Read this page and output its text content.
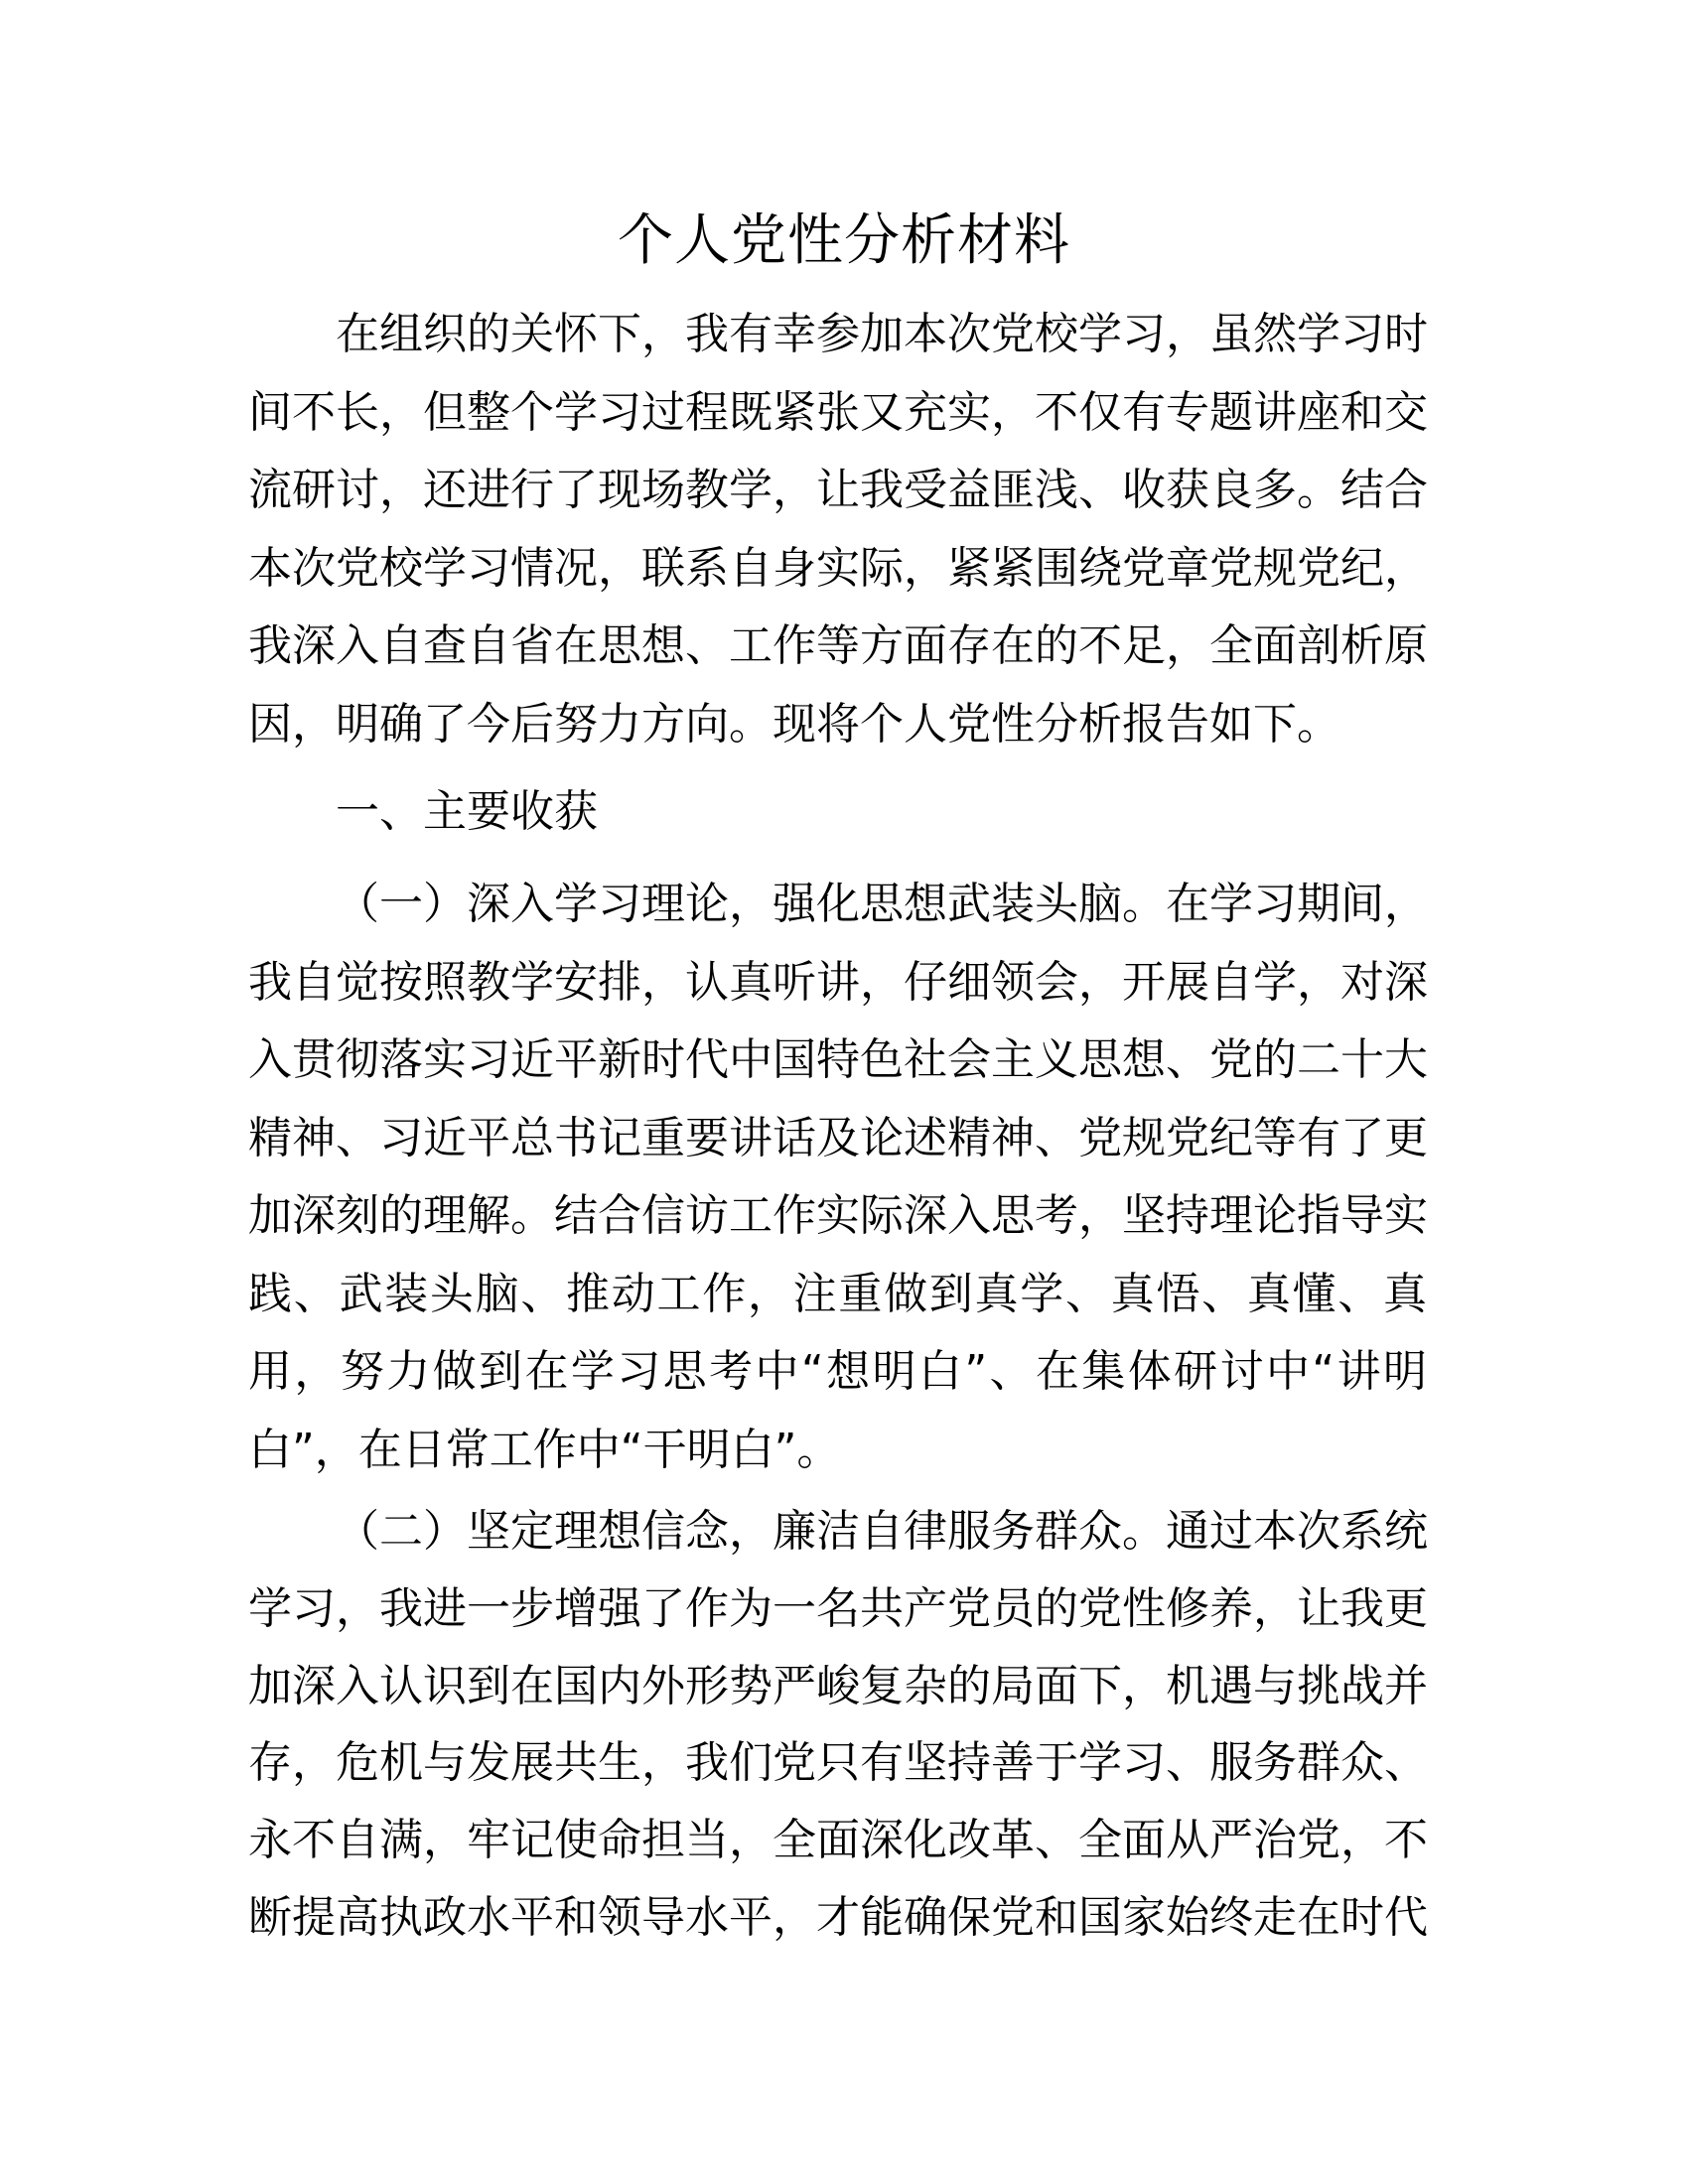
个人党性分析材料
一、主要收获
在组织的关怀下，我有幸参加本次党校学习，虽然学习时
间不长，但整个学习过程既紧张又充实，不仅有专题讲座和交
流研讨，还进行了现场教学，让我受益匪浅、收获良多。结合
本次党校学习情况，联系自身实际，紧紧围绕党章党规党纪，
我深入自查自省在思想、工作等方面存在的不足，全面剖析原
因，明确了今后努力方向。现将个人党性分析报告如下。
（一）深入学习理论，强化思想武装头脑。在学习期间，
我自觉按照教学安排，认真听讲，仔细领会，开展自学，对深
入贯彻落实习近平新时代中国特色社会主义思想、党的二十大
精神、习近平总书记重要讲话及论述精神、党规党纪等有了更
加深刻的理解。结合信访工作实际深入思考，坚持理论指导实
践、武装头脑、推动工作，注重做到真学、真悟、真懂、真
用，努力做到在学习思考中“想明白”、在集体研讨中“讲明
白”，在日常工作中“干明白”。
（二）坚定理想信念，廉洁自律服务群众。通过本次系统
学习，我进一步增强了作为一名共产党员的党性修养，让我更
加深入认识到在国内外形势严峻复杂的局面下，机遇与挑战并
存，危机与发展共生，我们党只有坚持善于学习、服务群众、
永不自满，牢记使命担当，全面深化改革、全面从严治党，不
断提高执政水平和领导水平，才能确保党和国家始终走在时代
